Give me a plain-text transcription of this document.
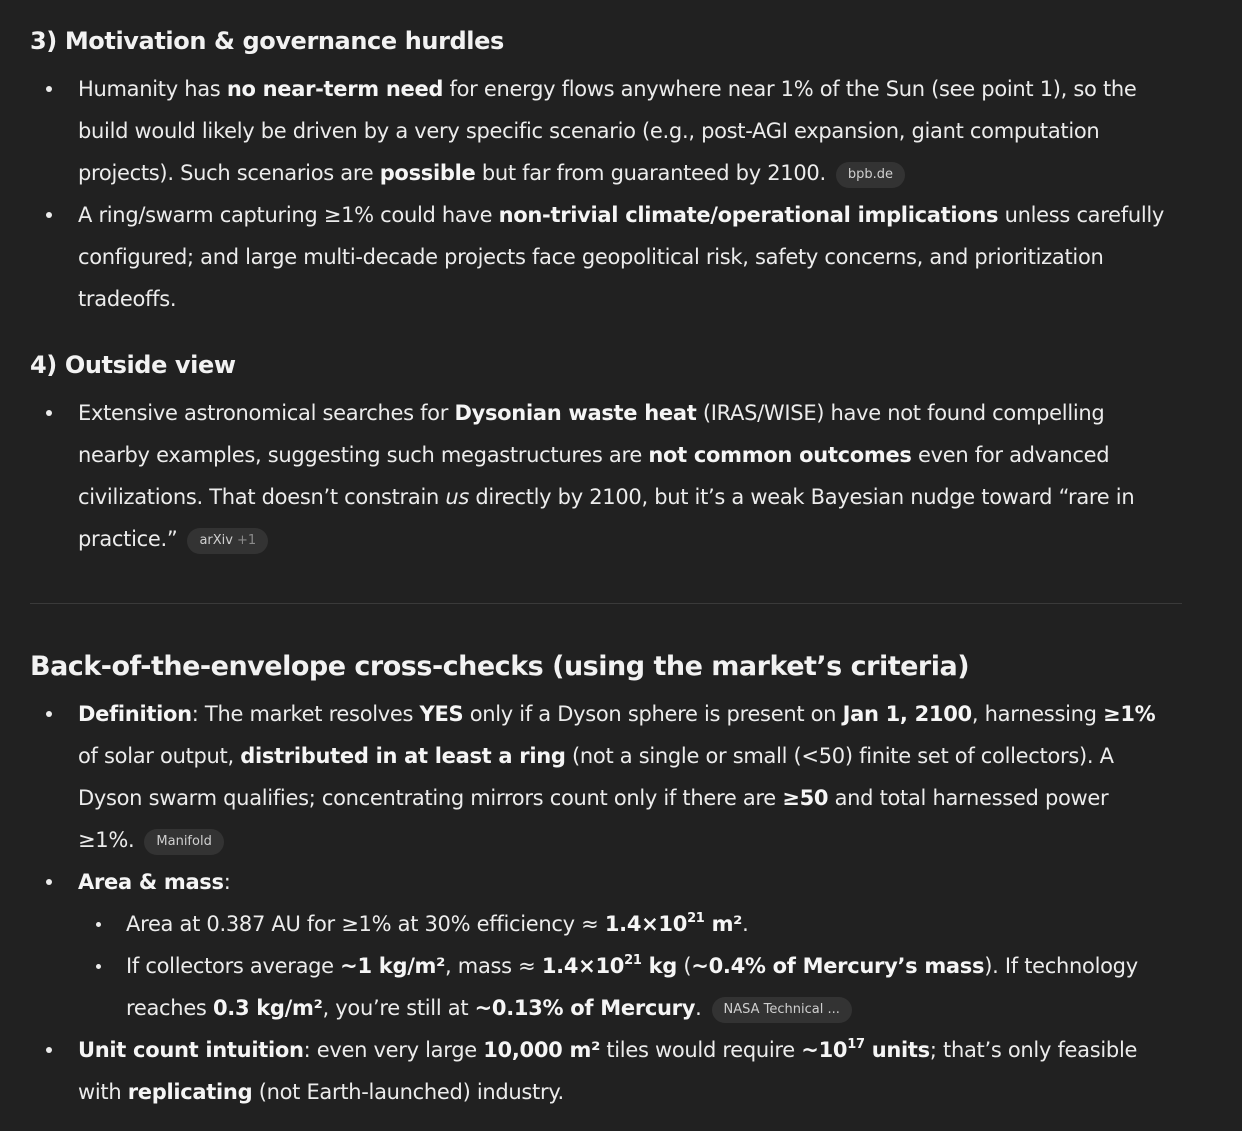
3) Motivation & governance hurdles
Humanity has no near-term need for energy flows anywhere near 1% of the Sun (see point 1), so the
build would likely be driven by a very specific scenario (e.g., post-AGI expansion, giant computation
projects). Such scenarios are possible but far from guaranteed by 2100. bpb.de
A ring/swarm capturing ≥1% could have non-trivial climate/operational implications unless carefully
configured; and large multi-decade projects face geopolitical risk, safety concerns, and prioritization
tradeoffs.
4) Outside view
Extensive astronomical searches for Dysonian waste heat (IRAS/WISE) have not found compelling
nearby examples, suggesting such megastructures are not common outcomes even for advanced
civilizations. That doesn’t constrain us directly by 2100, but it’s a weak Bayesian nudge toward “rare in
practice.” arXiv +1
Back-of-the-envelope cross-checks (using the market’s criteria)
Definition: The market resolves YES only if a Dyson sphere is present on Jan 1, 2100, harnessing ≥1%
of solar output, distributed in at least a ring (not a single or small (<50) finite set of collectors). A
Dyson swarm qualifies; concentrating mirrors count only if there are ≥50 and total harnessed power
≥1%. Manifold
Area & mass:
Area at 0.387 AU for ≥1% at 30% efficiency ≈ $1.4\times 10^{21}$ m².
If collectors average ~1 kg/m², mass ≈ $1.4\times 10^{21}$ kg (~0.4% of Mercury’s mass). If technology
reaches 0.3 kg/m², you’re still at ~0.13% of Mercury. NASA Technical ...
Unit count intuition: even very large 10,000 m² tiles would require $\sim 10^{17}$ units; that’s only feasible
with replicating (not Earth-launched) industry.
